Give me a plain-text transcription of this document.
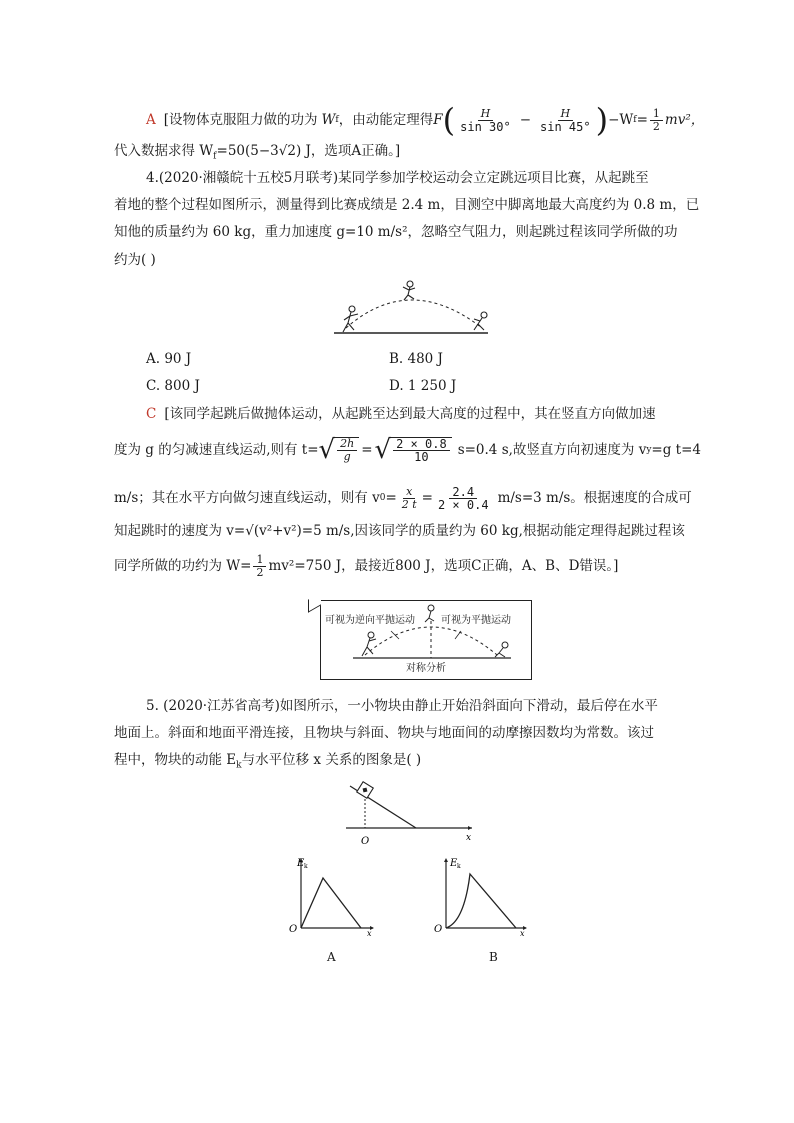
A [设物体克服阻力做的功为 W f ，由动能定理得 F ( $\frac{H}{\sin 30^\circ} - \frac{H}{\sin 45^\circ}$ ) −W $f = \frac{1}{2} mv^2$，
代入数据求得 $W_f=50(5-3√2)$ J，选项A正确。]
4.(2020·湘赣皖十五校5月联考)某同学参加学校运动会立定跳远项目比赛，从起跳至
着地的整个过程如图所示，测量得到比赛成绩是 2.4 m，目测空中脚离地最大高度约为 0.8 m，已
知他的质量约为 60 kg，重力加速度 g=10 m/s²，忽略空气阻力，则起跳过程该同学所做的功
约为( )
A. 90 J	B. 480 J
C. 800 J	D. 1 250 J
C [该同学起跳后做抛体运动，从起跳至达到最大高度的过程中，其在竖直方向做加速
度为 g 的匀减速直线运动,则有 t= √ $\frac{2h}{g}$ = √ $\frac{2 \times 0.8}{10} s=0.4$ s,故竖直方向初速度为 v y =g t=4
m/s；其在水平方向做匀速直线运动，则有 v $0 = \frac{x}{2 t} = \frac{2.4}{2 \times 0.4} m/s=3$ m/s。根据速度的合成可
知起跳时的速度为 v=√(v²+v²)=5 m/s,因该同学的质量约为 60 kg,根据动能定理得起跳过程该
同学所做的功约为 $W= \frac{1}{2} mv^2=750$ J，最接近800 J，选项C正确，A、B、D错误。]
可视为逆向平抛运动	可视为平抛运动
对称分析
5. (2020·江苏省高考)如图所示，一小物块由静止开始沿斜面向下滑动，最后停在水平
地面上。斜面和地面平滑连接，且物块与斜面、物块与地面间的动摩擦因数均为常数。该过
程中，物块的动能 $E_k$与水平位移 x 关系的图象是( )
O	x
E k
O	x
A
E k
O	x
B
